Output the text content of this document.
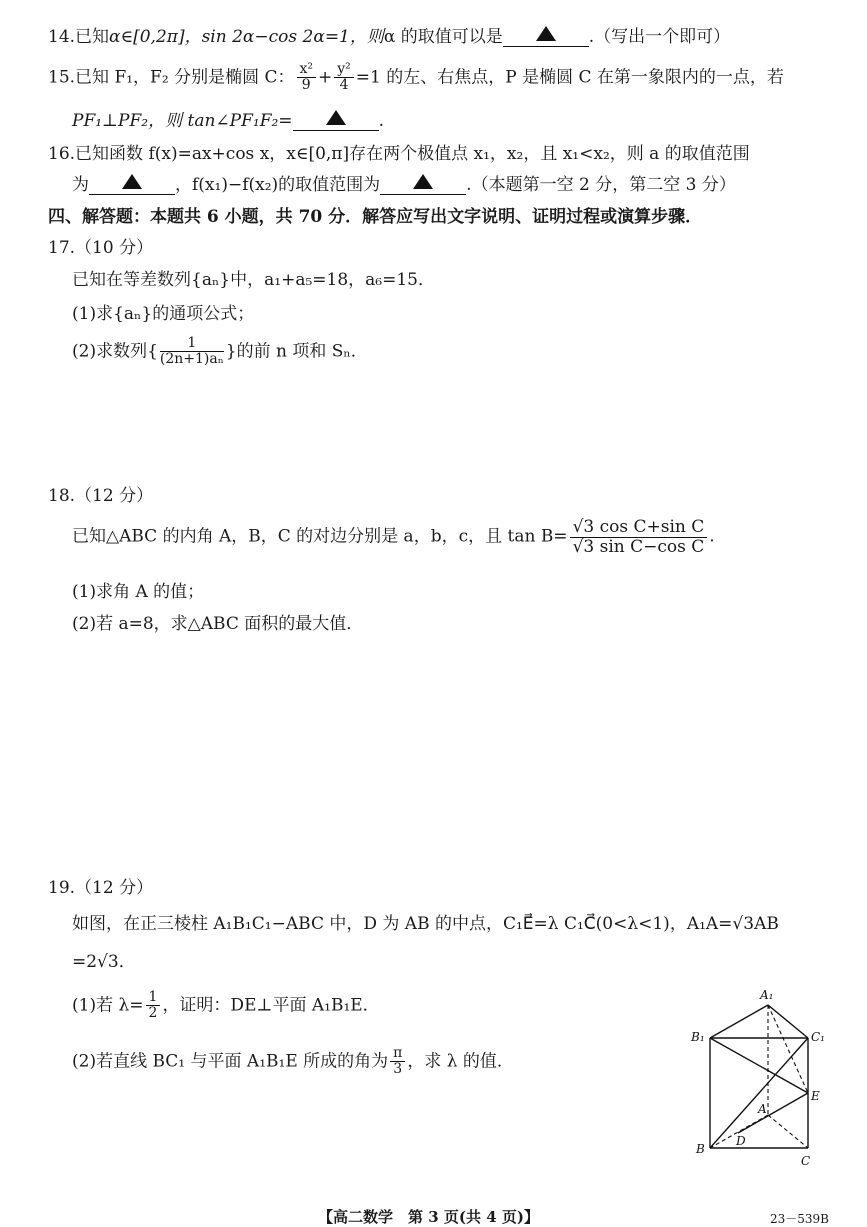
14.已知α∈[0,2π]，sin 2α−cos 2α=1，则α 的取值可以是	.（写出一个即可）
15.已知 F₁，F₂ 分别是椭圆 C： $\frac{\text{x²}}{9} + \frac{\text{y²}}{4} =1$ 的左、右焦点，P 是椭圆 C 在第一象限内的一点，若
PF₁⊥PF₂，则 tan∠PF₁F₂=	.
16.已知函数 f(x)=ax+cos x，x∈[0,π]存在两个极值点 x₁，x₂，且 x₁<x₂，则 a 的取值范围
为	，f(x₁)−f(x₂)的取值范围为	.（本题第一空 2 分，第二空 3 分）
四、解答题：本题共 6 小题，共 70 分．解答应写出文字说明、证明过程或演算步骤．
17.（10 分）
已知在等差数列{aₙ}中，a₁+a₅=18，a₆=15．
(1)求{aₙ}的通项公式；
(2)求数列{ $\frac{1}{\text{(2n+1)aₙ}}$ }的前 n 项和 Sₙ．
18.（12 分）
已知△ABC 的内角 A，B，C 的对边分别是 a，b，c，且 $\tan B= \frac{\text{√3 cos C+sin C}}{\text{√3 sin C−cos C}}$ .
(1)求角 A 的值；
(2)若 a=8，求△ABC 面积的最大值．
19.（12 分）
如图，在正三棱柱 A₁B₁C₁−ABC 中，D 为 AB 的中点，C₁E⃗=λ C₁C⃗(0<λ<1)，A₁A=√3AB
=2√3．
(1)若 $\lambda= \frac{1}{2}$ ，证明：DE⊥平面 A₁B₁E．
(2)若直线 BC₁ 与平面 A₁B₁E 所成的角为 $\frac{\pi}{3}$ ，求 λ 的值．
A₁
B₁	C₁
E
A
D
B
C
【高二数学　第 3 页(共 4 页)】	23－539B
